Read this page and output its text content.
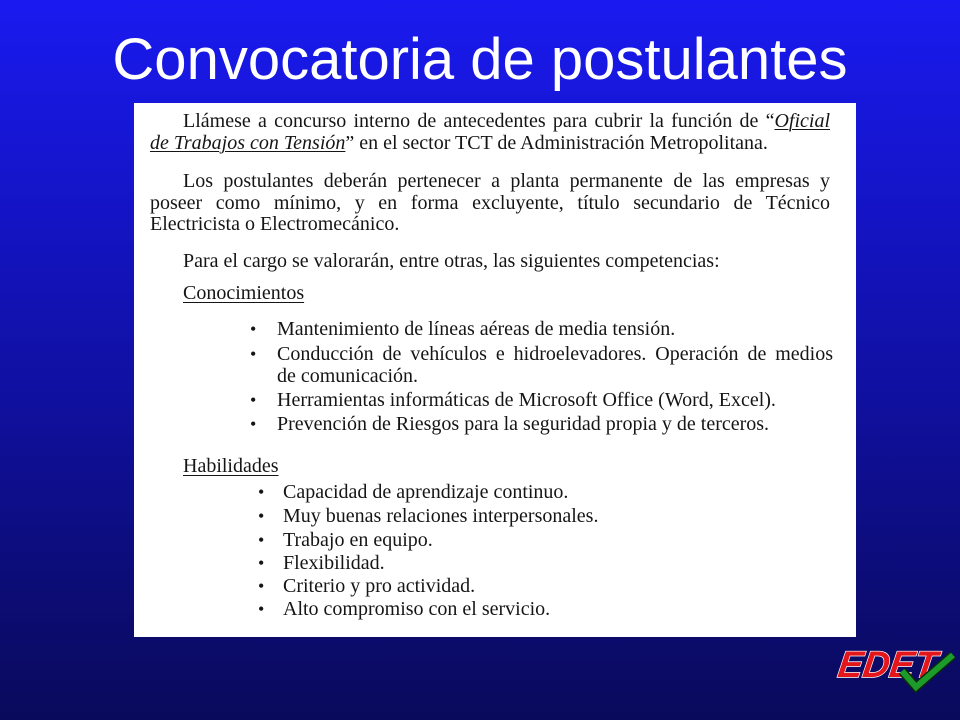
Convocatoria de postulantes
Llámese a concurso interno de antecedentes para cubrir la función de “Oficial
de Trabajos con Tensión” en el sector TCT de Administración Metropolitana.
Los postulantes deberán pertenecer a planta permanente de las empresas y
poseer como mínimo, y en forma excluyente, título secundario de Técnico
Electricista o Electromecánico.
Para el cargo se valorarán, entre otras, las siguientes competencias:
Conocimientos
• Mantenimiento de líneas aéreas de media tensión.
• Conducción de vehículos e hidroelevadores. Operación de medios
de comunicación.
• Herramientas informáticas de Microsoft Office (Word, Excel).
• Prevención de Riesgos para la seguridad propia y de terceros.
Habilidades
• Capacidad de aprendizaje continuo.
• Muy buenas relaciones interpersonales.
• Trabajo en equipo.
• Flexibilidad.
• Criterio y pro actividad.
• Alto compromiso con el servicio.
EDET
